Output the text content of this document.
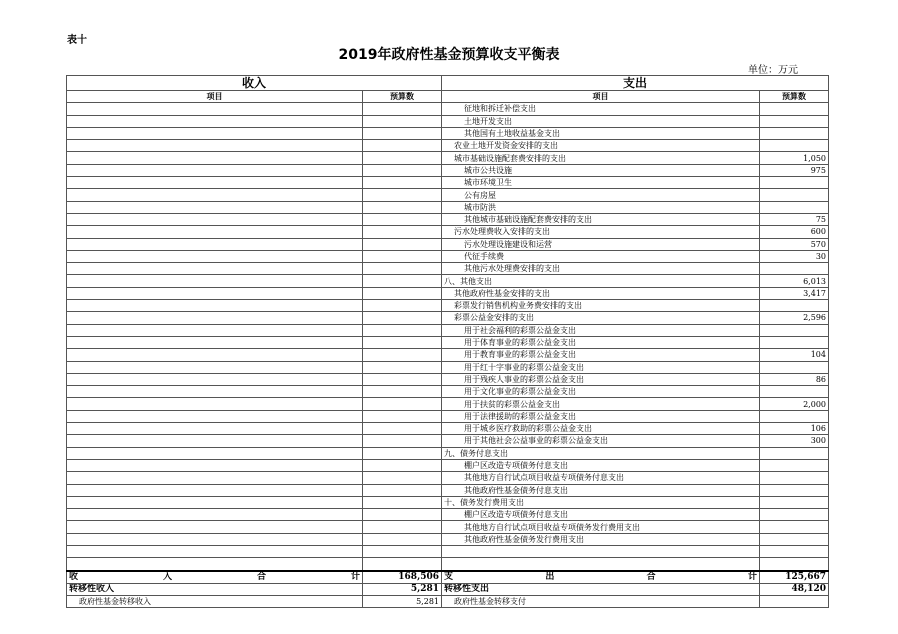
表十
2019年政府性基金预算收支平衡表
单位：万元
收入		支出	
项目	预算数	项目	预算数
		征地和拆迁补偿支出	
		土地开发支出	
		其他国有土地收益基金支出	
		农业土地开发资金安排的支出	
		城市基础设施配套费安排的支出	1,050
		城市公共设施	975
		城市环境卫生	
		公有房屋	
		城市防洪	
		其他城市基础设施配套费安排的支出	75
		污水处理费收入安排的支出	600
		污水处理设施建设和运营	570
		代征手续费	30
		其他污水处理费安排的支出	
		八、其他支出	6,013
		其他政府性基金安排的支出	3,417
		彩票发行销售机构业务费安排的支出	
		彩票公益金安排的支出	2,596
		用于社会福利的彩票公益金支出	
		用于体育事业的彩票公益金支出	
		用于教育事业的彩票公益金支出	104
		用于红十字事业的彩票公益金支出	
		用于残疾人事业的彩票公益金支出	86
		用于文化事业的彩票公益金支出	
		用于扶贫的彩票公益金支出	2,000
		用于法律援助的彩票公益金支出	
		用于城乡医疗救助的彩票公益金支出	106
		用于其他社会公益事业的彩票公益金支出	300
		九、债务付息支出	
		棚户区改造专项债务付息支出	
		其他地方自行试点项目收益专项债务付息支出	
		其他政府性基金债务付息支出	
		十、债务发行费用支出	
		棚户区改造专项债务付息支出	
		其他地方自行试点项目收益专项债务发行费用支出	
		其他政府性基金债务发行费用支出	

收 入 合 计	168,506	支 出 合 计	125,667
转移性收入	5,281	转移性支出	48,120
政府性基金转移收入	5,281	政府性基金转移支付	
